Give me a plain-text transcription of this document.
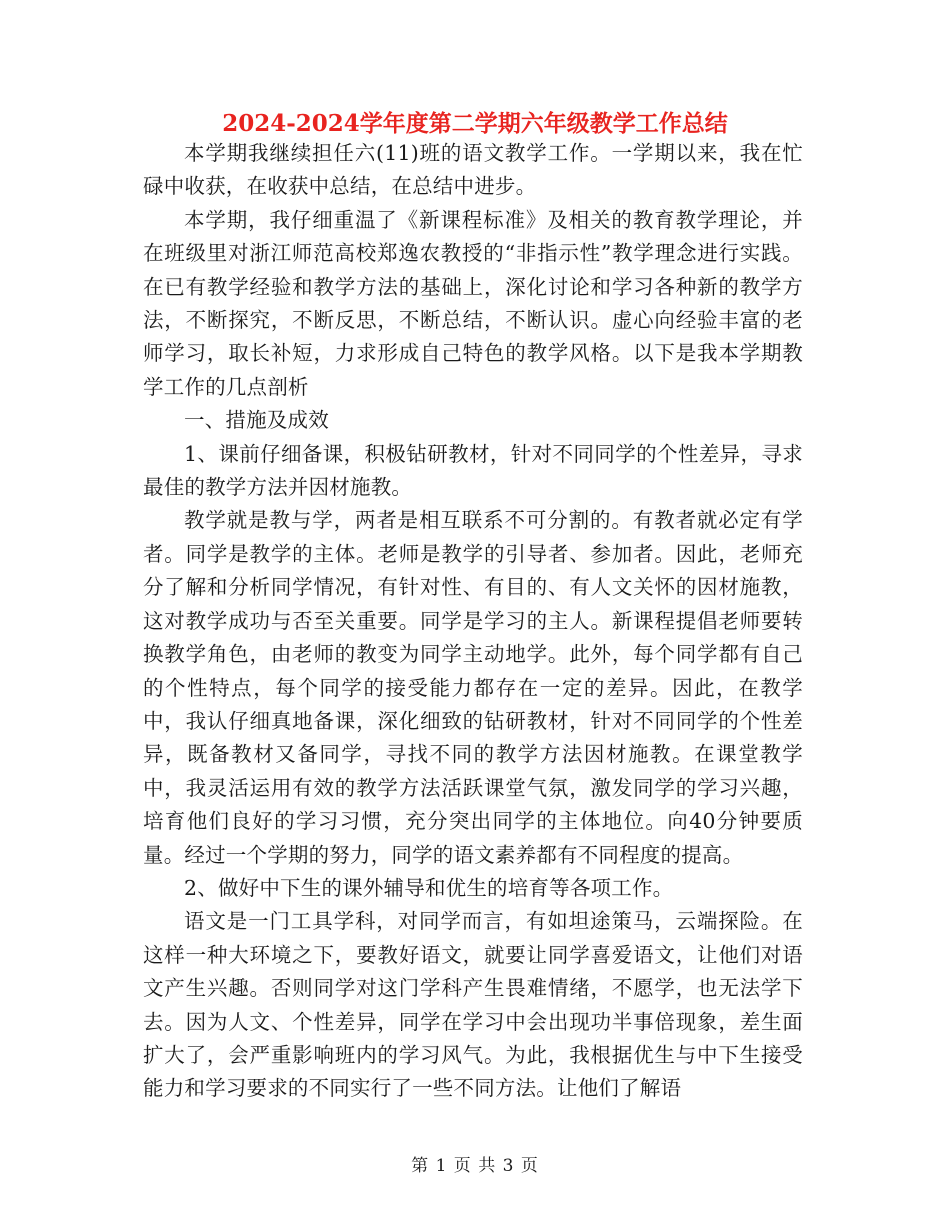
2024-2024学年度第二学期六年级教学工作总结

本学期我继续担任六(11)班的语文教学工作。一学期以来，我在忙碌中收获，在收获中总结，在总结中进步。

本学期，我仔细重温了《新课程标准》及相关的教育教学理论，并在班级里对浙江师范高校郑逸农教授的“非指示性”教学理念进行实践。在已有教学经验和教学方法的基础上，深化讨论和学习各种新的教学方法，不断探究，不断反思，不断总结，不断认识。虚心向经验丰富的老师学习，取长补短，力求形成自己特色的教学风格。以下是我本学期教学工作的几点剖析

一、措施及成效

1、课前仔细备课，积极钻研教材，针对不同同学的个性差异，寻求最佳的教学方法并因材施教。

教学就是教与学，两者是相互联系不可分割的。有教者就必定有学者。同学是教学的主体。老师是教学的引导者、参加者。因此，老师充分了解和分析同学情况，有针对性、有目的、有人文关怀的因材施教，这对教学成功与否至关重要。同学是学习的主人。新课程提倡老师要转换教学角色，由老师的教变为同学主动地学。此外，每个同学都有自己的个性特点，每个同学的接受能力都存在一定的差异。因此，在教学中，我认仔细真地备课，深化细致的钻研教材，针对不同同学的个性差异，既备教材又备同学，寻找不同的教学方法因材施教。在课堂教学中，我灵活运用有效的教学方法活跃课堂气氛，激发同学的学习兴趣，培育他们良好的学习习惯，充分突出同学的主体地位。向40分钟要质量。经过一个学期的努力，同学的语文素养都有不同程度的提高。

2、做好中下生的课外辅导和优生的培育等各项工作。

语文是一门工具学科，对同学而言，有如坦途策马，云端探险。在这样一种大环境之下，要教好语文，就要让同学喜爱语文，让他们对语文产生兴趣。否则同学对这门学科产生畏难情绪，不愿学，也无法学下去。因为人文、个性差异，同学在学习中会出现功半事倍现象，差生面扩大了，会严重影响班内的学习风气。为此，我根据优生与中下生接受能力和学习要求的不同实行了一些不同方法。让他们了解语

第 1 页 共 3 页
